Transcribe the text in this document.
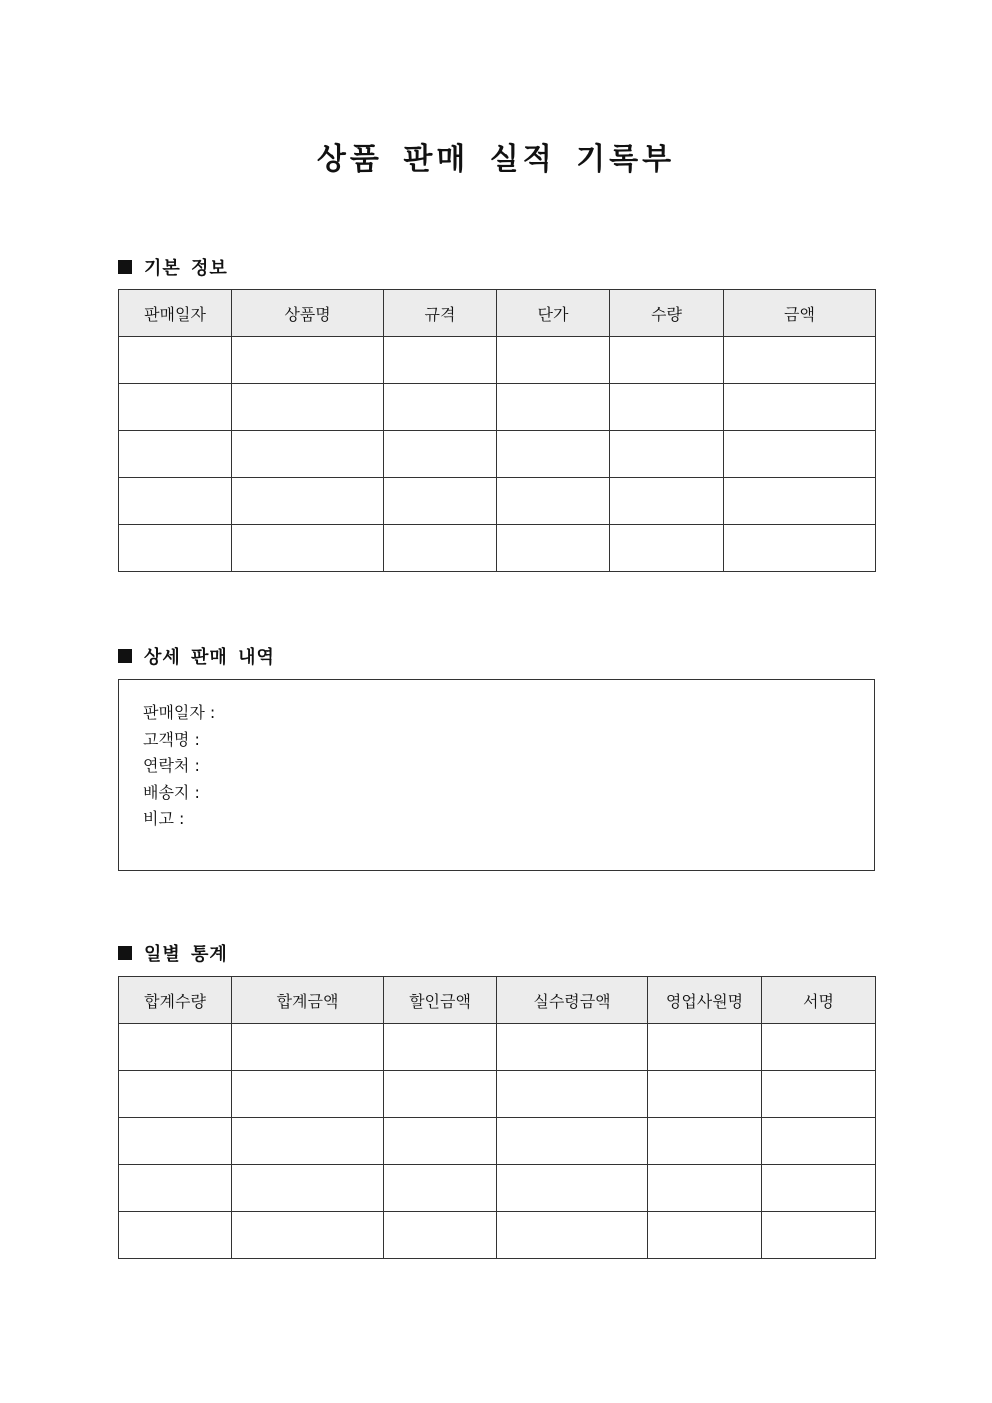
상품 판매 실적 기록부
기본 정보
판매일자	상품명	규격	단가	수량	금액

상세 판매 내역
판매일자 :
고객명 :
연락처 :
배송지 :
비고 :
일별 통계
합계수량	합계금액	할인금액	실수령금액	영업사원명	서명
